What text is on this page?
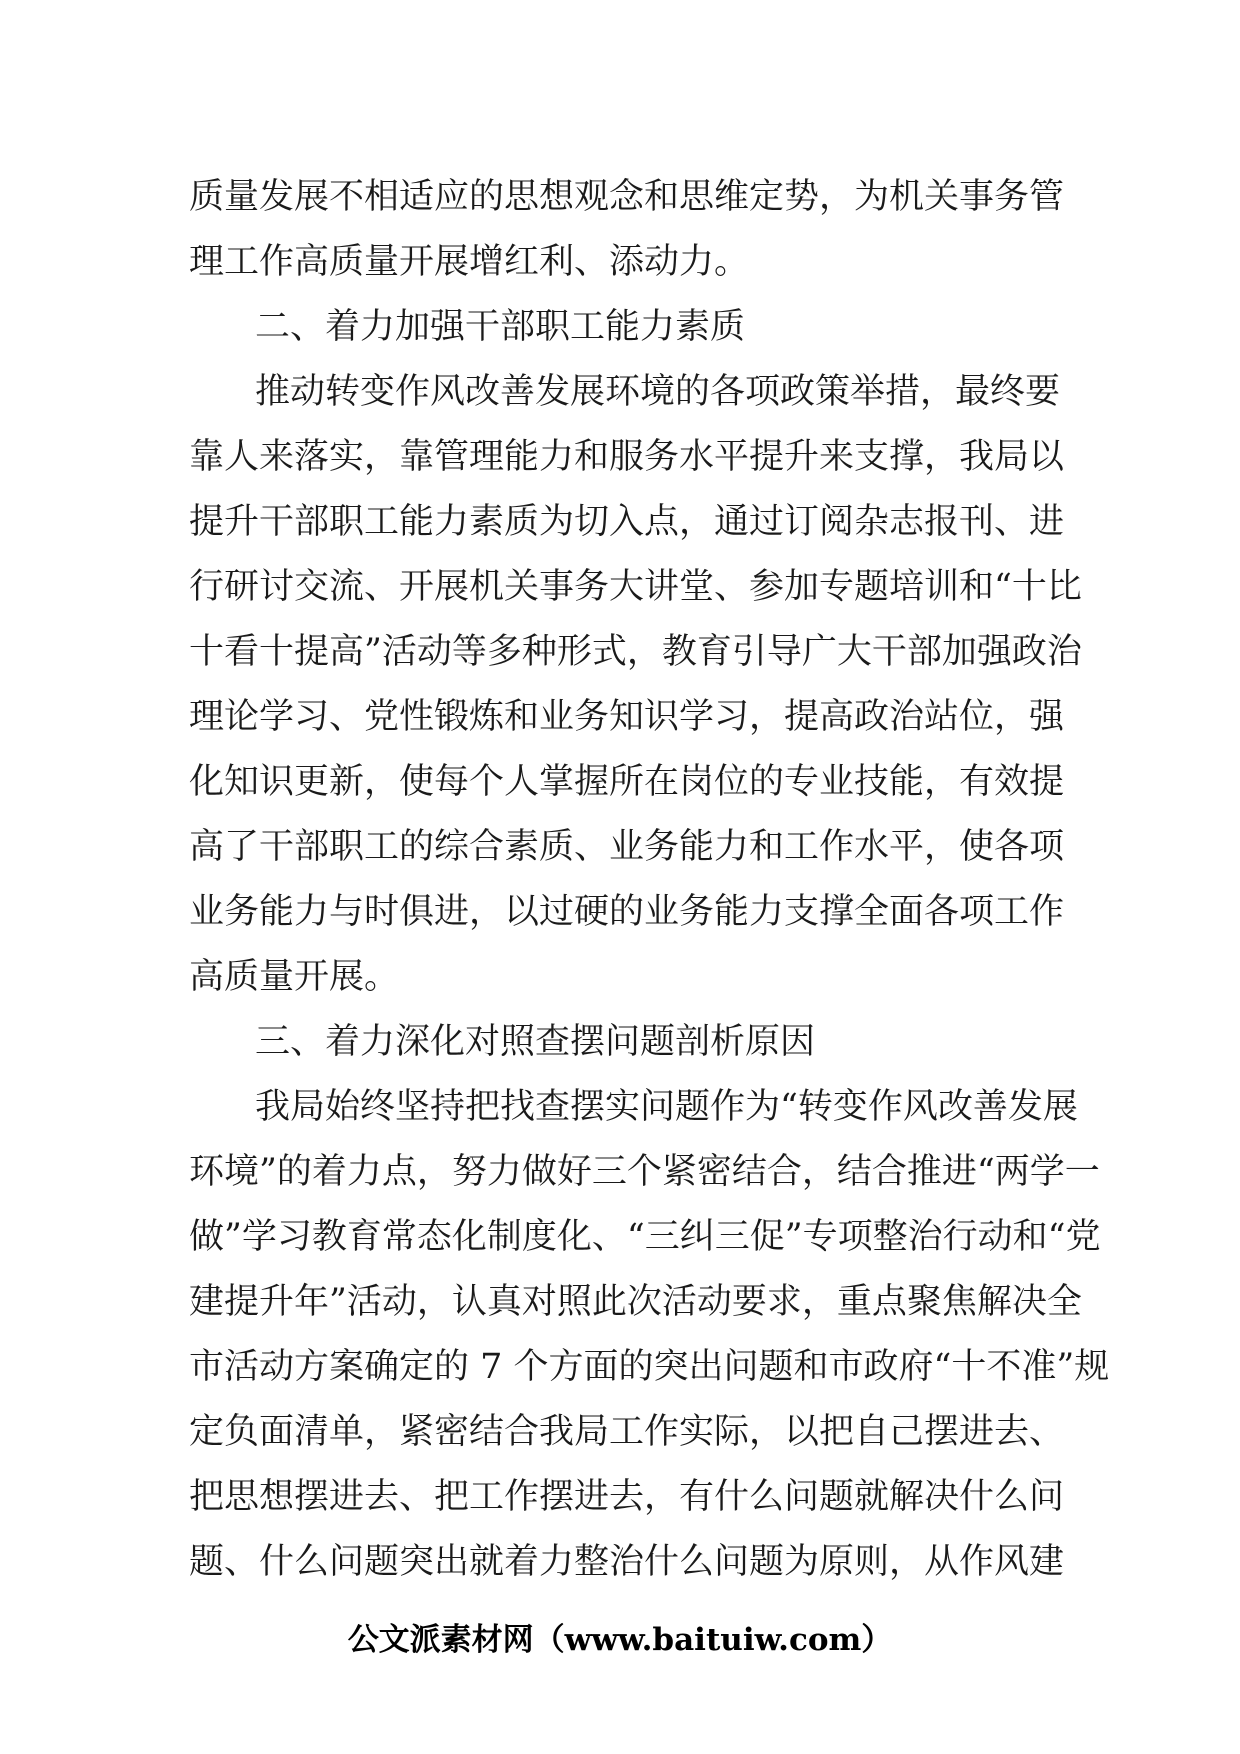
质量发展不相适应的思想观念和思维定势，为机关事务管
理工作高质量开展增红利、添动力。
二、着力加强干部职工能力素质
推动转变作风改善发展环境的各项政策举措，最终要
靠人来落实，靠管理能力和服务水平提升来支撑，我局以
提升干部职工能力素质为切入点，通过订阅杂志报刊、进
行研讨交流、开展机关事务大讲堂、参加专题培训和“十比
十看十提高”活动等多种形式，教育引导广大干部加强政治
理论学习、党性锻炼和业务知识学习，提高政治站位，强
化知识更新，使每个人掌握所在岗位的专业技能，有效提
高了干部职工的综合素质、业务能力和工作水平，使各项
业务能力与时俱进，以过硬的业务能力支撑全面各项工作
高质量开展。
三、着力深化对照查摆问题剖析原因
我局始终坚持把找查摆实问题作为“转变作风改善发展
环境”的着力点，努力做好三个紧密结合，结合推进“两学一
做”学习教育常态化制度化、“三纠三促”专项整治行动和“党
建提升年”活动，认真对照此次活动要求，重点聚焦解决全
市活动方案确定的 7 个方面的突出问题和市政府“十不准”规
定负面清单，紧密结合我局工作实际，以把自己摆进去、
把思想摆进去、把工作摆进去，有什么问题就解决什么问
题、什么问题突出就着力整治什么问题为原则，从作风建
公文派素材网（www.baituiw.com）
